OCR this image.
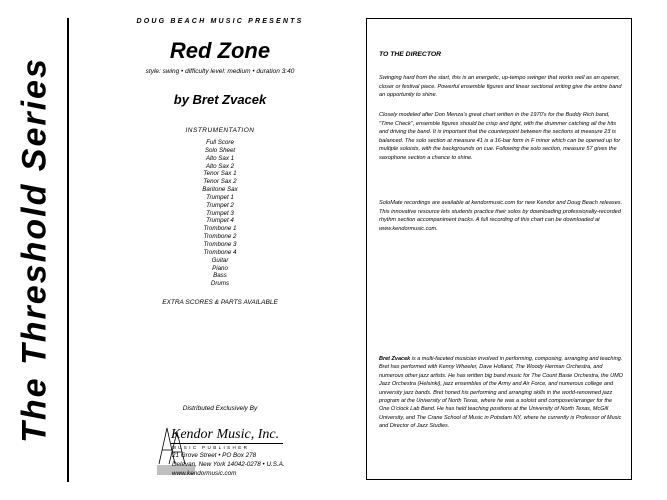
The Threshold Series
DOUG BEACH MUSIC PRESENTS
Red Zone
style: swing • difficulty level: medium • duration 3:40
by Bret Zvacek
INSTRUMENTATION
Full Score
Solo Sheet
Alto Sax 1
Alto Sax 2
Tenor Sax 1
Tenor Sax 2
Baritone Sax
Trumpet 1
Trumpet 2
Trumpet 3
Trumpet 4
Trombone 1
Trombone 2
Trombone 3
Trombone 4
Guitar
Piano
Bass
Drums
EXTRA SCORES & PARTS AVAILABLE
Distributed Exclusively By
Kendor Music, Inc.
MUSIC PUBLISHER
21 Grove Street • PO Box 278
Delevan, New York 14042-0278 • U.S.A.
www.kendormusic.com
TO THE DIRECTOR

Swinging hard from the start, this is an energetic, up-tempo swinger that works well as an opener, closer or festival piece. Powerful ensemble figures and linear sectional writing give the entire band an opportunity to shine.

Closely modeled after Don Menza's great chart written in the 1970's for the Buddy Rich band, "Time Check", ensemble figures should be crisp and tight, with the drummer catching all the hits and driving the band. It is important that the counterpoint between the sections at measure 23 is balanced. The solo section at measure 41 is a 16-bar form in F minor which can be opened up for multiple soloists, with the backgrounds on cue. Following the solo section, measure 57 gives the saxophone section a chance to shine.

SoloMate recordings are available at kendormusic.com for new Kendor and Doug Beach releases. This innovative resource lets students practice their solos by downloading professionally-recorded rhythm section accompaniment tracks. A full recording of this chart can be downloaded at www.kendormusic.com.

Bret Zvacek is a multi-faceted musician involved in performing, composing, arranging and teaching. Bret has performed with Kenny Wheeler, Dave Holland, The Woody Herman Orchestra, and numerous other jazz artists. He has written big band music for The Count Basie Orchestra, the UMO Jazz Orchestra (Helsinki), jazz ensembles of the Army and Air Force, and numerous college and university jazz bands. Bret honed his performing and arranging skills in the world-renowned jazz program at the University of North Texas, where he was a soloist and composer/arranger for the One O'clock Lab Band. He has held teaching positions at the University of North Texas, McGill University, and The Crane School of Music in Potsdam NY, where he currently is Professor of Music and Director of Jazz Studies.
